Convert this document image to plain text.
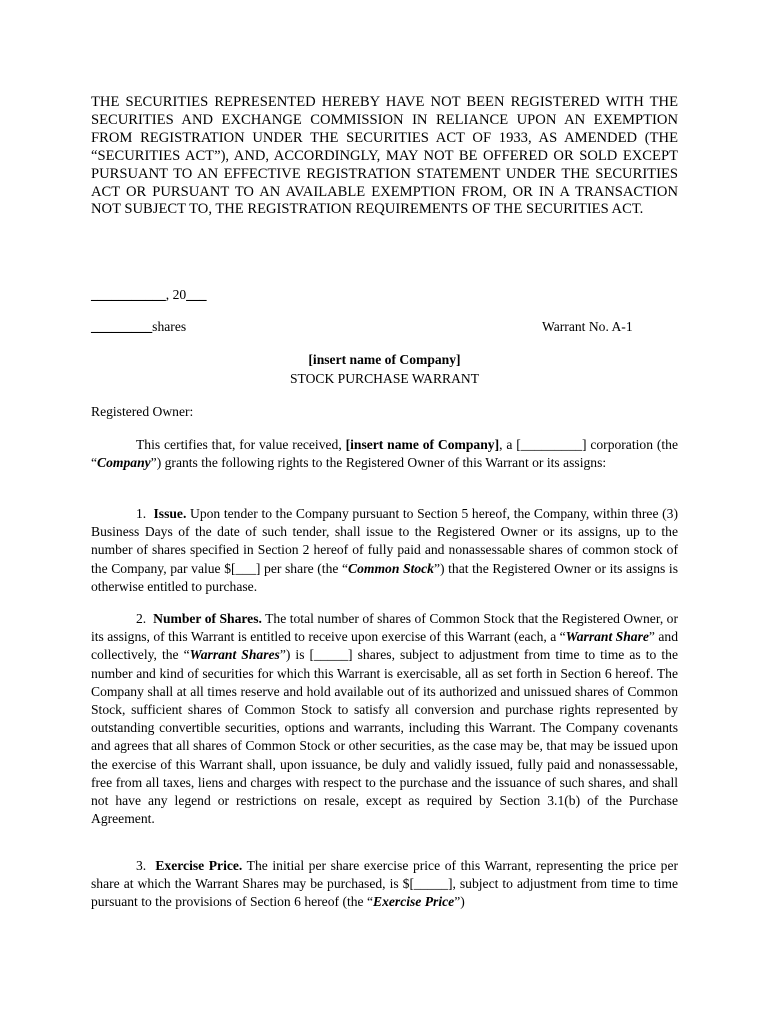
THE SECURITIES REPRESENTED HEREBY HAVE NOT BEEN REGISTERED WITH THE SECURITIES AND EXCHANGE COMMISSION IN RELIANCE UPON AN EXEMPTION FROM REGISTRATION UNDER THE SECURITIES ACT OF 1933, AS AMENDED (THE “SECURITIES ACT”), AND, ACCORDINGLY, MAY NOT BE OFFERED OR SOLD EXCEPT PURSUANT TO AN EFFECTIVE REGISTRATION STATEMENT UNDER THE SECURITIES ACT OR PURSUANT TO AN AVAILABLE EXEMPTION FROM, OR IN A TRANSACTION NOT SUBJECT TO, THE REGISTRATION REQUIREMENTS OF THE SECURITIES ACT.
___________, 20___
_________shares	Warrant No. A-1
[insert name of Company]
STOCK PURCHASE WARRANT
Registered Owner:
This certifies that, for value received, [insert name of Company], a [_________] corporation (the “Company”) grants the following rights to the Registered Owner of this Warrant or its assigns:
1. Issue. Upon tender to the Company pursuant to Section 5 hereof, the Company, within three (3) Business Days of the date of such tender, shall issue to the Registered Owner or its assigns, up to the number of shares specified in Section 2 hereof of fully paid and nonassessable shares of common stock of the Company, par value $[___] per share (the “Common Stock”) that the Registered Owner or its assigns is otherwise entitled to purchase.
2. Number of Shares. The total number of shares of Common Stock that the Registered Owner, or its assigns, of this Warrant is entitled to receive upon exercise of this Warrant (each, a “Warrant Share” and collectively, the “Warrant Shares”) is [_____] shares, subject to adjustment from time to time as to the number and kind of securities for which this Warrant is exercisable, all as set forth in Section 6 hereof. The Company shall at all times reserve and hold available out of its authorized and unissued shares of Common Stock, sufficient shares of Common Stock to satisfy all conversion and purchase rights represented by outstanding convertible securities, options and warrants, including this Warrant. The Company covenants and agrees that all shares of Common Stock or other securities, as the case may be, that may be issued upon the exercise of this Warrant shall, upon issuance, be duly and validly issued, fully paid and nonassessable, free from all taxes, liens and charges with respect to the purchase and the issuance of such shares, and shall not have any legend or restrictions on resale, except as required by Section 3.1(b) of the Purchase Agreement.
3. Exercise Price. The initial per share exercise price of this Warrant, representing the price per share at which the Warrant Shares may be purchased, is $[_____], subject to adjustment from time to time pursuant to the provisions of Section 6 hereof (the “Exercise Price”)
